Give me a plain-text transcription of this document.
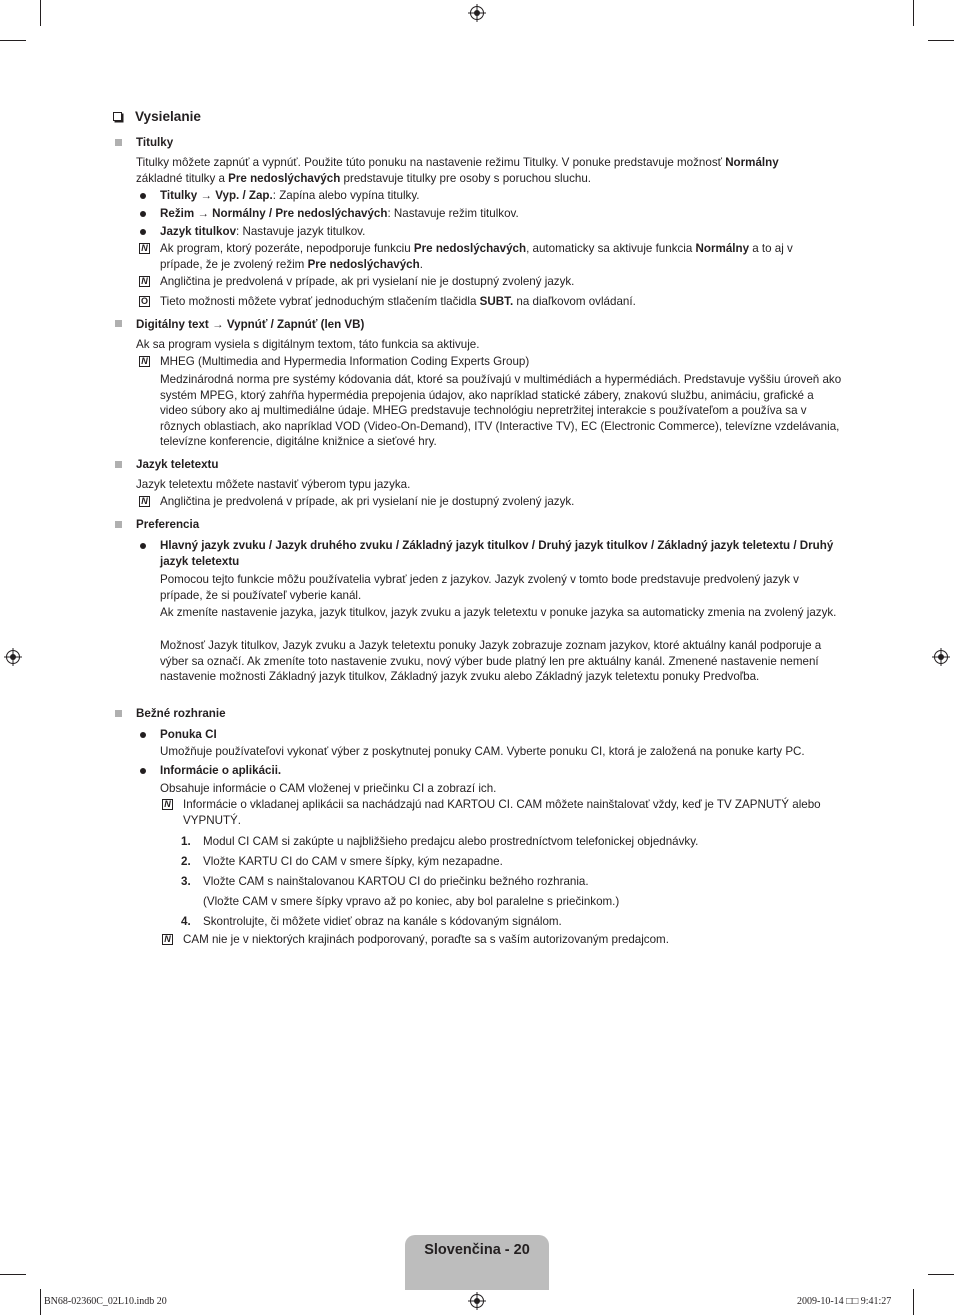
Vysielanie
Titulky
Titulky môžete zapnúť a vypnúť. Použite túto ponuku na nastavenie režimu Titulky. V ponuke predstavuje možnosť Normálny
základné titulky a Pre nedoslýchavých predstavuje titulky pre osoby s poruchou sluchu.
Titulky → Vyp. / Zap.: Zapína alebo vypína titulky.
Režim → Normálny / Pre nedoslýchavých: Nastavuje režim titulkov.
Jazyk titulkov: Nastavuje jazyk titulkov.
N Ak program, ktorý pozeráte, nepodporuje funkciu Pre nedoslýchavých, automaticky sa aktivuje funkcia Normálny a to aj v
prípade, že je zvolený režim Pre nedoslýchavých.
N Angličtina je predvolená v prípade, ak pri vysielaní nie je dostupný zvolený jazyk.
O Tieto možnosti môžete vybrať jednoduchým stlačením tlačidla SUBT. na diaľkovom ovládaní.
Digitálny text → Vypnúť / Zapnúť (len VB)
Ak sa program vysiela s digitálnym textom, táto funkcia sa aktivuje.
N MHEG (Multimedia and Hypermedia Information Coding Experts Group)
Medzinárodná norma pre systémy kódovania dát, ktoré sa používajú v multimédiách a hypermédiách. Predstavuje vyššiu úroveň ako systém MPEG, ktorý zahŕňa hypermédia prepojenia údajov, ako napríklad statické zábery, znakovú službu, animáciu, grafické a video súbory ako aj multimediálne údaje. MHEG predstavuje technológiu nepretržitej interakcie s používateľom a používa sa v rôznych oblastiach, ako napríklad VOD (Video-On-Demand), ITV (Interactive TV), EC (Electronic Commerce), televízne vzdelávania, televízne konferencie, digitálne knižnice a sieťové hry.
Jazyk teletextu
Jazyk teletextu môžete nastaviť výberom typu jazyka.
N Angličtina je predvolená v prípade, ak pri vysielaní nie je dostupný zvolený jazyk.
Preferencia
Hlavný jazyk zvuku / Jazyk druhého zvuku / Základný jazyk titulkov / Druhý jazyk titulkov / Základný jazyk teletextu / Druhý jazyk teletextu
Pomocou tejto funkcie môžu používatelia vybrať jeden z jazykov. Jazyk zvolený v tomto bode predstavuje predvolený jazyk v prípade, že si používateľ vyberie kanál.
Ak zmeníte nastavenie jazyka, jazyk titulkov, jazyk zvuku a jazyk teletextu v ponuke jazyka sa automaticky zmenia na zvolený jazyk.
Možnosť Jazyk titulkov, Jazyk zvuku a Jazyk teletextu ponuky Jazyk zobrazuje zoznam jazykov, ktoré aktuálny kanál podporuje a výber sa označí. Ak zmeníte toto nastavenie zvuku, nový výber bude platný len pre aktuálny kanál. Zmenené nastavenie nemení nastavenie možnosti Základný jazyk titulkov, Základný jazyk zvuku alebo Základný jazyk teletextu ponuky Predvoľba.
Bežné rozhranie
Ponuka CI
Umožňuje používateľovi vykonať výber z poskytnutej ponuky CAM. Vyberte ponuku CI, ktorá je založená na ponuke karty PC.
Informácie o aplikácii.
Obsahuje informácie o CAM vloženej v priečinku CI a zobrazí ich.
N Informácie o vkladanej aplikácii sa nachádzajú nad KARTOU CI. CAM môžete nainštalovať vždy, keď je TV ZAPNUTÝ alebo VYPNUTÝ.
1. Modul CI CAM si zakúpte u najbližšieho predajcu alebo prostredníctvom telefonickej objednávky.
2. Vložte KARTU CI do CAM v smere šípky, kým nezapadne.
3. Vložte CAM s nainštalovanou KARTOU CI do priečinku bežného rozhrania.
(Vložte CAM v smere šípky vpravo až po koniec, aby bol paralelne s priečinkom.)
4. Skontrolujte, či môžete vidieť obraz na kanále s kódovaným signálom.
N CAM nie je v niektorých krajinách podporovaný, poraďte sa s vaším autorizovaným predajcom.
Slovenčina - 20
BN68-02360C_02L10.indb 20	2009-10-14 □□ 9:41:27
